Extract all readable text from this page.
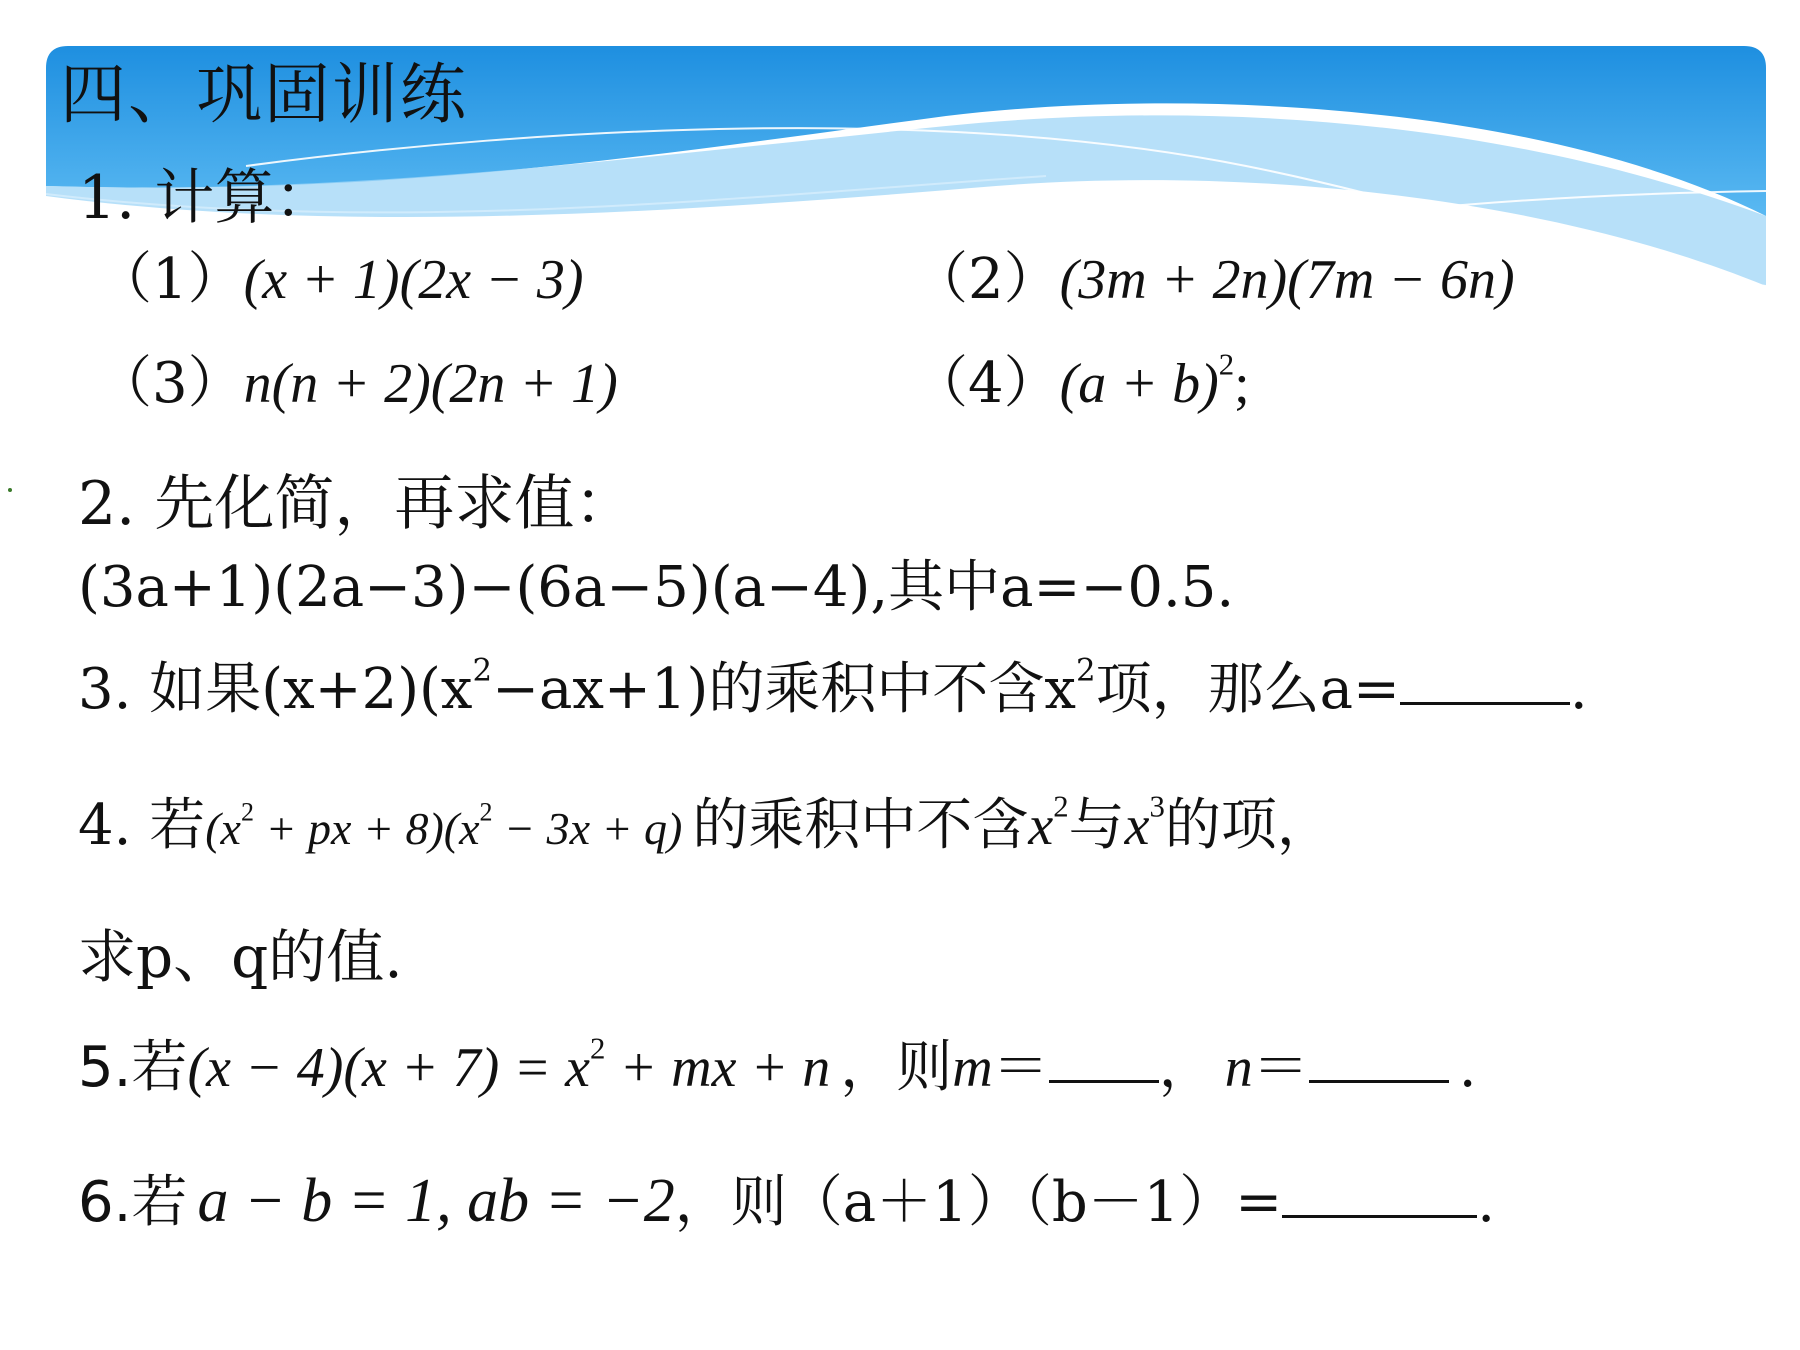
四、巩固训练
1. 计算：
（1）(x + 1)(2x − 3)	（2）(3m + 2n)(7m − 6n)
（3）n(n + 2)(2n + 1)	$(4)(a + b)^2$;
2. 先化简，再求值：
(3a+1)(2a−3)−(6a−5)(a−4),其中a=−0.5.
3. 如果$(x+2)(x^2-ax+1)$的乘积中不含$x^2$项，那么a=	.
4. 若($x^2$ + px + $8)(x^2 - 3x + q)$ 的乘积中不含$x^2$与$x^3$的项，
求p、q的值.
5.若$(x - 4)(x + 7) = x^2$ + mx + n ，则m＝ ， n＝	.
6.若 a − b = 1, ab = −2，则（a＋1）（b－1）=	.
